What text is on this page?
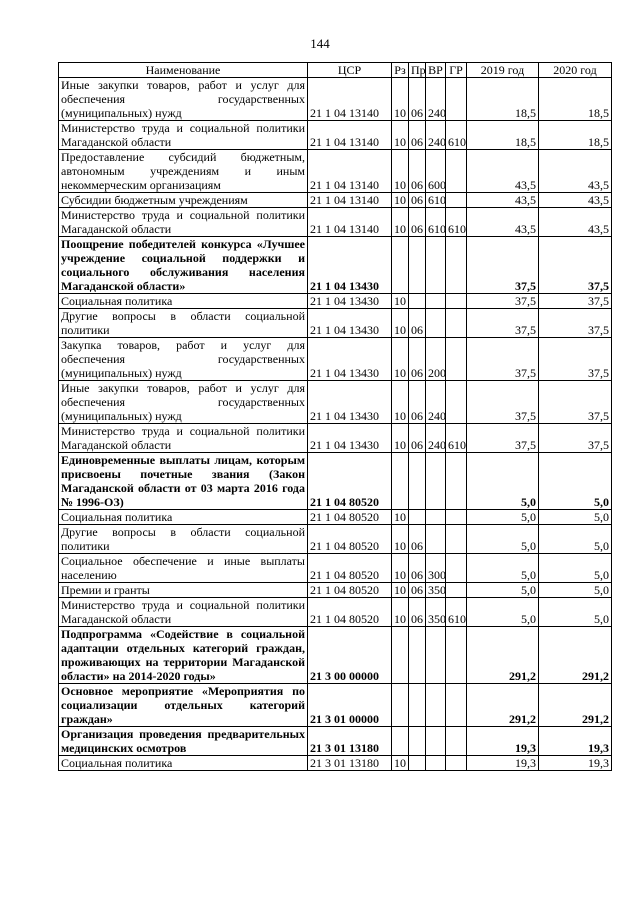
144
Наименование	ЦСР	Рз	Пр	ВР	ГР	2019 год	2020 год
Иные закупки товаров, работ и услуг для обеспечения государственных (муниципальных) нужд	21 1 04 13140	10	06	240		18,5	18,5
Министерство труда и социальной политики Магаданской области	21 1 04 13140	10	06	240	610	18,5	18,5
Предоставление субсидий бюджетным, автономным учреждениям и иным некоммерческим организациям	21 1 04 13140	10	06	600		43,5	43,5
Субсидии бюджетным учреждениям	21 1 04 13140	10	06	610		43,5	43,5
Министерство труда и социальной политики Магаданской области	21 1 04 13140	10	06	610	610	43,5	43,5
Поощрение победителей конкурса «Лучшее учреждение социальной поддержки и социального обслуживания населения Магаданской области»	21 1 04 13430					37,5	37,5
Социальная политика	21 1 04 13430	10				37,5	37,5
Другие вопросы в области социальной политики	21 1 04 13430	10	06			37,5	37,5
Закупка товаров, работ и услуг для обеспечения государственных (муниципальных) нужд	21 1 04 13430	10	06	200		37,5	37,5
Иные закупки товаров, работ и услуг для обеспечения государственных (муниципальных) нужд	21 1 04 13430	10	06	240		37,5	37,5
Министерство труда и социальной политики Магаданской области	21 1 04 13430	10	06	240	610	37,5	37,5
Единовременные выплаты лицам, которым присвоены почетные звания (Закон Магаданской области от 03 марта 2016 года № 1996-ОЗ)	21 1 04 80520					5,0	5,0
Социальная политика	21 1 04 80520	10				5,0	5,0
Другие вопросы в области социальной политики	21 1 04 80520	10	06			5,0	5,0
Социальное обеспечение и иные выплаты населению	21 1 04 80520	10	06	300		5,0	5,0
Премии и гранты	21 1 04 80520	10	06	350		5,0	5,0
Министерство труда и социальной политики Магаданской области	21 1 04 80520	10	06	350	610	5,0	5,0
Подпрограмма «Содействие в социальной адаптации отдельных категорий граждан, проживающих на территории Магаданской области» на 2014-2020 годы»	21 3 00 00000					291,2	291,2
Основное мероприятие «Мероприятия по социализации отдельных категорий граждан»	21 3 01 00000					291,2	291,2
Организация проведения предварительных медицинских осмотров	21 3 01 13180					19,3	19,3
Социальная политика	21 3 01 13180	10				19,3	19,3
